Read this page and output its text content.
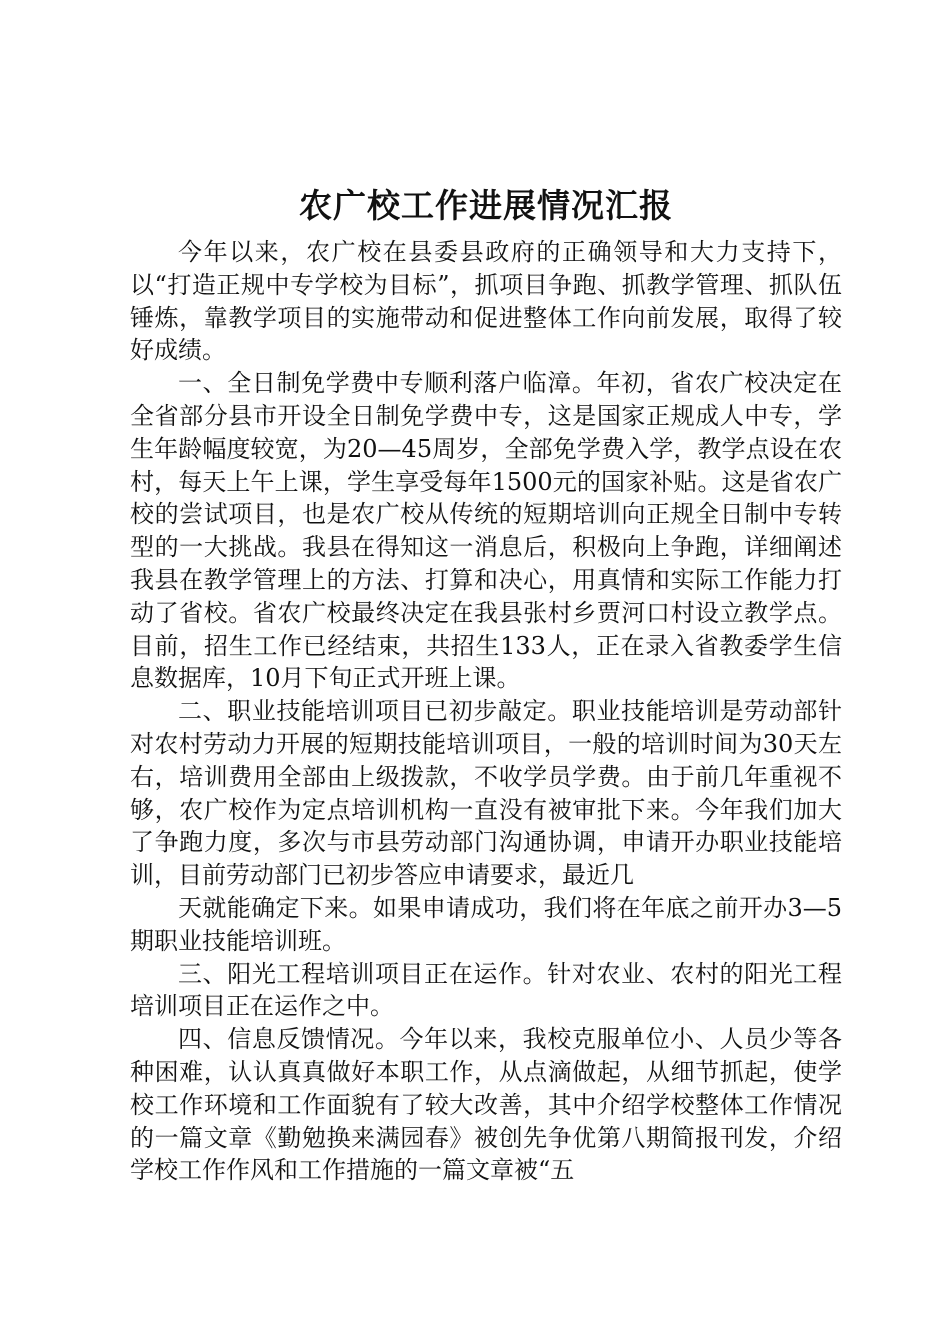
农广校工作进展情况汇报

今年以来，农广校在县委县政府的正确领导和大力支持下，以“打造正规中专学校为目标”，抓项目争跑、抓教学管理、抓队伍锤炼，靠教学项目的实施带动和促进整体工作向前发展，取得了较好成绩。

一、全日制免学费中专顺利落户临漳。年初，省农广校决定在全省部分县市开设全日制免学费中专，这是国家正规成人中专，学生年龄幅度较宽，为20—45周岁，全部免学费入学，教学点设在农村，每天上午上课，学生享受每年1500元的国家补贴。这是省农广校的尝试项目，也是农广校从传统的短期培训向正规全日制中专转型的一大挑战。我县在得知这一消息后，积极向上争跑，详细阐述我县在教学管理上的方法、打算和决心，用真情和实际工作能力打动了省校。省农广校最终决定在我县张村乡贾河口村设立教学点。目前，招生工作已经结束，共招生133人，正在录入省教委学生信息数据库，10月下旬正式开班上课。

二、职业技能培训项目已初步敲定。职业技能培训是劳动部针对农村劳动力开展的短期技能培训项目，一般的培训时间为30天左右，培训费用全部由上级拨款，不收学员学费。由于前几年重视不够，农广校作为定点培训机构一直没有被审批下来。今年我们加大了争跑力度，多次与市县劳动部门沟通协调，申请开办职业技能培训，目前劳动部门已初步答应申请要求，最近几

天就能确定下来。如果申请成功，我们将在年底之前开办3—5期职业技能培训班。

三、阳光工程培训项目正在运作。针对农业、农村的阳光工程培训项目正在运作之中。

四、信息反馈情况。今年以来，我校克服单位小、人员少等各种困难，认认真真做好本职工作，从点滴做起，从细节抓起，使学校工作环境和工作面貌有了较大改善，其中介绍学校整体工作情况的一篇文章《勤勉换来满园春》被创先争优第八期简报刊发，介绍学校工作作风和工作措施的一篇文章被“五
